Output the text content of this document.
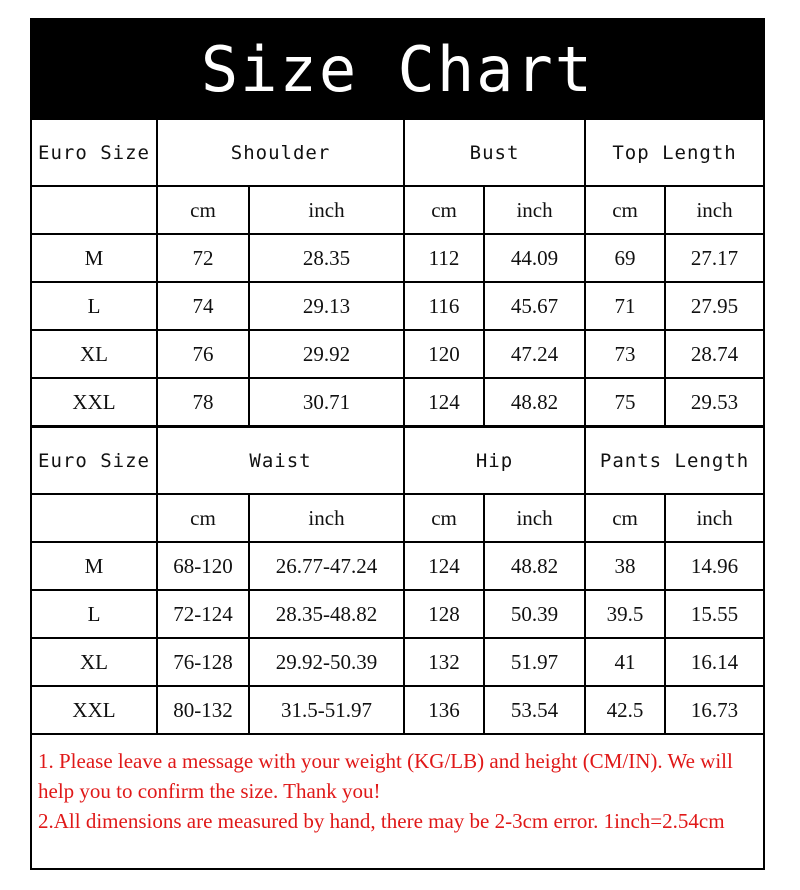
Size Chart
Euro Size	Shoulder		Bust		Top Length	
	cm	inch	cm	inch	cm	inch
M	72	28.35	112	44.09	69	27.17
L	74	29.13	116	45.67	71	27.95
XL	76	29.92	120	47.24	73	28.74
XXL	78	30.71	124	48.82	75	29.53
Euro Size	Waist		Hip		Pants Length	
	cm	inch	cm	inch	cm	inch
M	68-120	26.77-47.24	124	48.82	38	14.96
L	72-124	28.35-48.82	128	50.39	39.5	15.55
XL	76-128	29.92-50.39	132	51.97	41	16.14
XXL	80-132	31.5-51.97	136	53.54	42.5	16.73

1. Please leave a message with your weight (KG/LB) and height (CM/IN). We will help you to confirm the size. Thank you!

2.All dimensions are measured by hand, there may be 2-3cm error. 1inch=2.54cm
